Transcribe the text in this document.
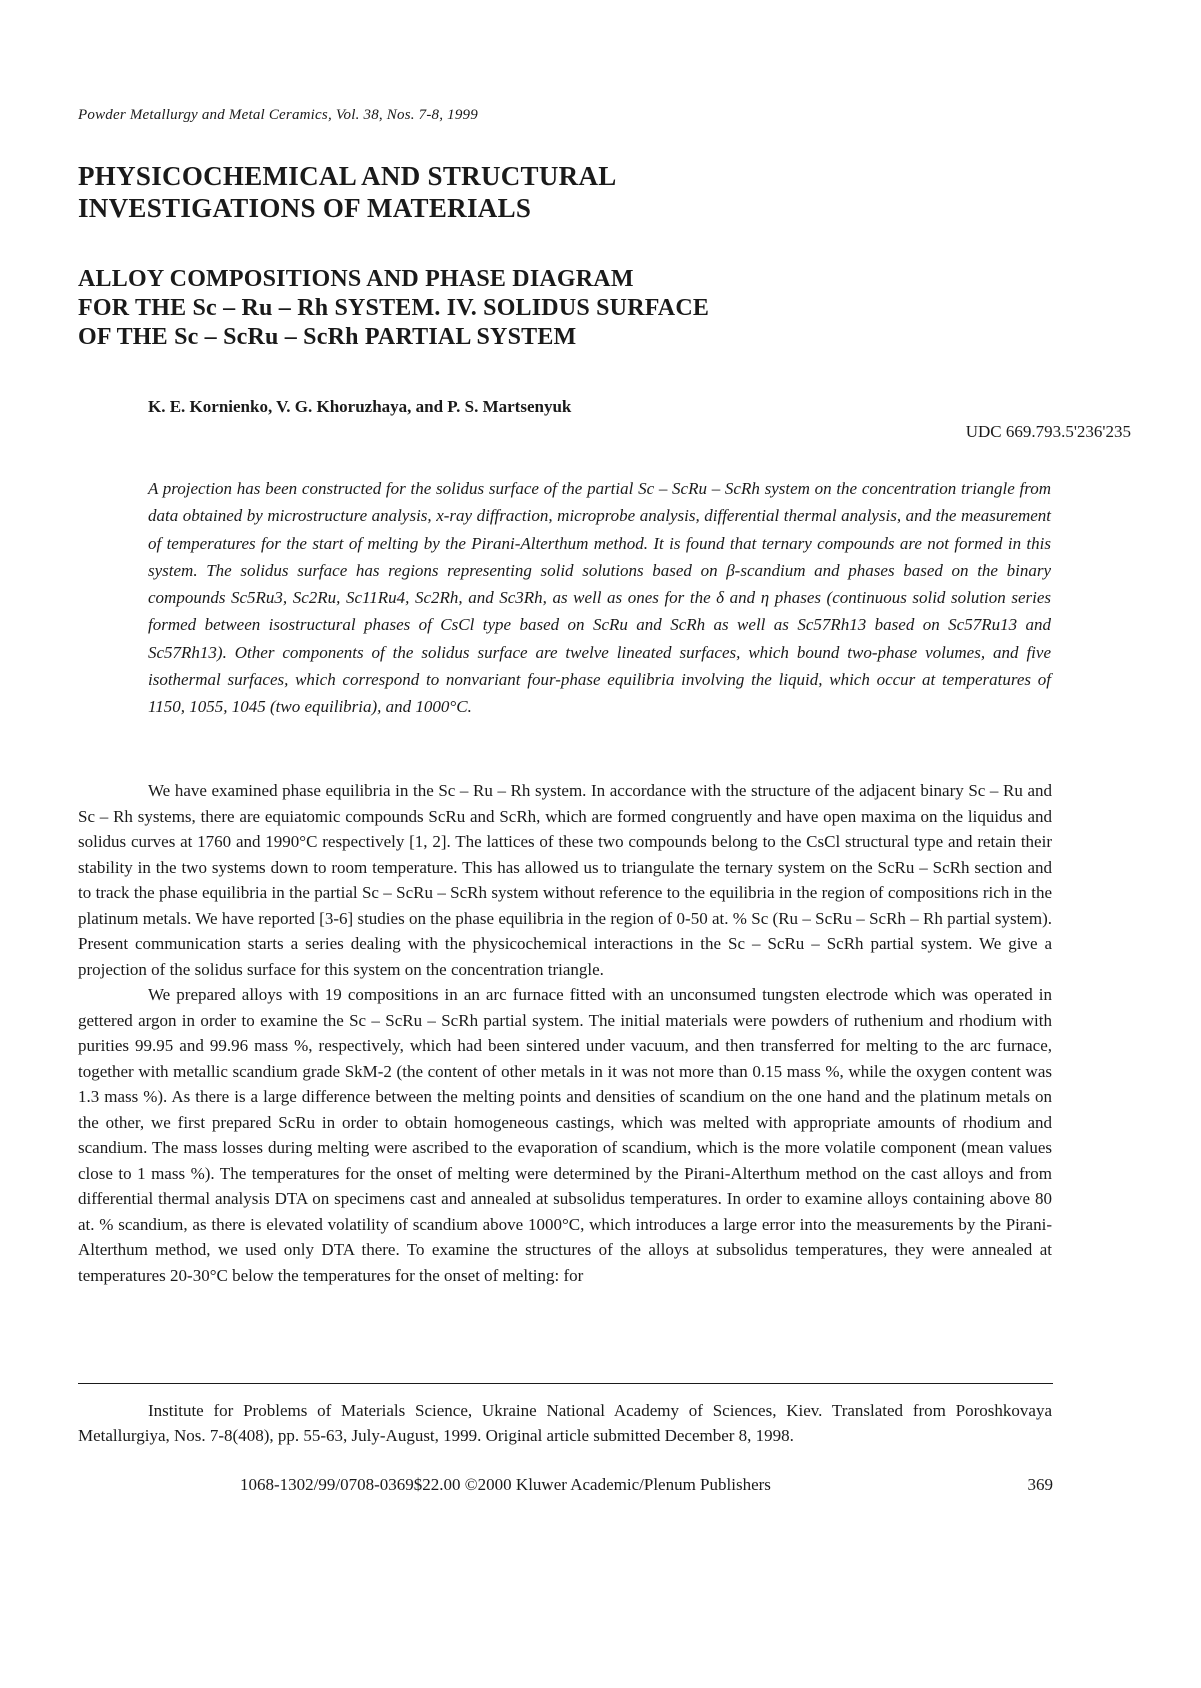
Powder Metallurgy and Metal Ceramics, Vol. 38, Nos. 7-8, 1999
PHYSICOCHEMICAL AND STRUCTURAL
INVESTIGATIONS OF MATERIALS
ALLOY COMPOSITIONS AND PHASE DIAGRAM
FOR THE Sc – Ru – Rh SYSTEM. IV. SOLIDUS SURFACE
OF THE Sc – ScRu – ScRh PARTIAL SYSTEM
K. E. Kornienko, V. G. Khoruzhaya, and P. S. Martsenyuk
UDC 669.793.5'236'235
A projection has been constructed for the solidus surface of the partial Sc – ScRu – ScRh system on the concentration triangle from data obtained by microstructure analysis, x-ray diffraction, microprobe analysis, differential thermal analysis, and the measurement of temperatures for the start of melting by the Pirani-Alterthum method. It is found that ternary compounds are not formed in this system. The solidus surface has regions representing solid solutions based on β-scandium and phases based on the binary compounds Sc5Ru3, Sc2Ru, Sc11Ru4, Sc2Rh, and Sc3Rh, as well as ones for the δ and η phases (continuous solid solution series formed between isostructural phases of CsCl type based on ScRu and ScRh as well as Sc57Rh13 based on Sc57Ru13 and Sc57Rh13). Other components of the solidus surface are twelve lineated surfaces, which bound two-phase volumes, and five isothermal surfaces, which correspond to nonvariant four-phase equilibria involving the liquid, which occur at temperatures of 1150, 1055, 1045 (two equilibria), and 1000°C.

We have examined phase equilibria in the Sc – Ru – Rh system. In accordance with the structure of the adjacent binary Sc – Ru and Sc – Rh systems, there are equiatomic compounds ScRu and ScRh, which are formed congruently and have open maxima on the liquidus and solidus curves at 1760 and 1990°C respectively [1, 2]. The lattices of these two compounds belong to the CsCl structural type and retain their stability in the two systems down to room temperature. This has allowed us to triangulate the ternary system on the ScRu – ScRh section and to track the phase equilibria in the partial Sc – ScRu – ScRh system without reference to the equilibria in the region of compositions rich in the platinum metals. We have reported [3-6] studies on the phase equilibria in the region of 0-50 at. % Sc (Ru – ScRu – ScRh – Rh partial system). Present communication starts a series dealing with the physicochemical interactions in the Sc – ScRu – ScRh partial system. We give a projection of the solidus surface for this system on the concentration triangle.

We prepared alloys with 19 compositions in an arc furnace fitted with an unconsumed tungsten electrode which was operated in gettered argon in order to examine the Sc – ScRu – ScRh partial system. The initial materials were powders of ruthenium and rhodium with purities 99.95 and 99.96 mass %, respectively, which had been sintered under vacuum, and then transferred for melting to the arc furnace, together with metallic scandium grade SkM-2 (the content of other metals in it was not more than 0.15 mass %, while the oxygen content was 1.3 mass %). As there is a large difference between the melting points and densities of scandium on the one hand and the platinum metals on the other, we first prepared ScRu in order to obtain homogeneous castings, which was melted with appropriate amounts of rhodium and scandium. The mass losses during melting were ascribed to the evaporation of scandium, which is the more volatile component (mean values close to 1 mass %). The temperatures for the onset of melting were determined by the Pirani-Alterthum method on the cast alloys and from differential thermal analysis DTA on specimens cast and annealed at subsolidus temperatures. In order to examine alloys containing above 80 at. % scandium, as there is elevated volatility of scandium above 1000°C, which introduces a large error into the measurements by the Pirani-Alterthum method, we used only DTA there. To examine the structures of the alloys at subsolidus temperatures, they were annealed at temperatures 20-30°C below the temperatures for the onset of melting: for

Institute for Problems of Materials Science, Ukraine National Academy of Sciences, Kiev. Translated from Poroshkovaya Metallurgiya, Nos. 7-8(408), pp. 55-63, July-August, 1999. Original article submitted December 8, 1998.
1068-1302/99/0708-0369$22.00 ©2000 Kluwer Academic/Plenum Publishers	369
